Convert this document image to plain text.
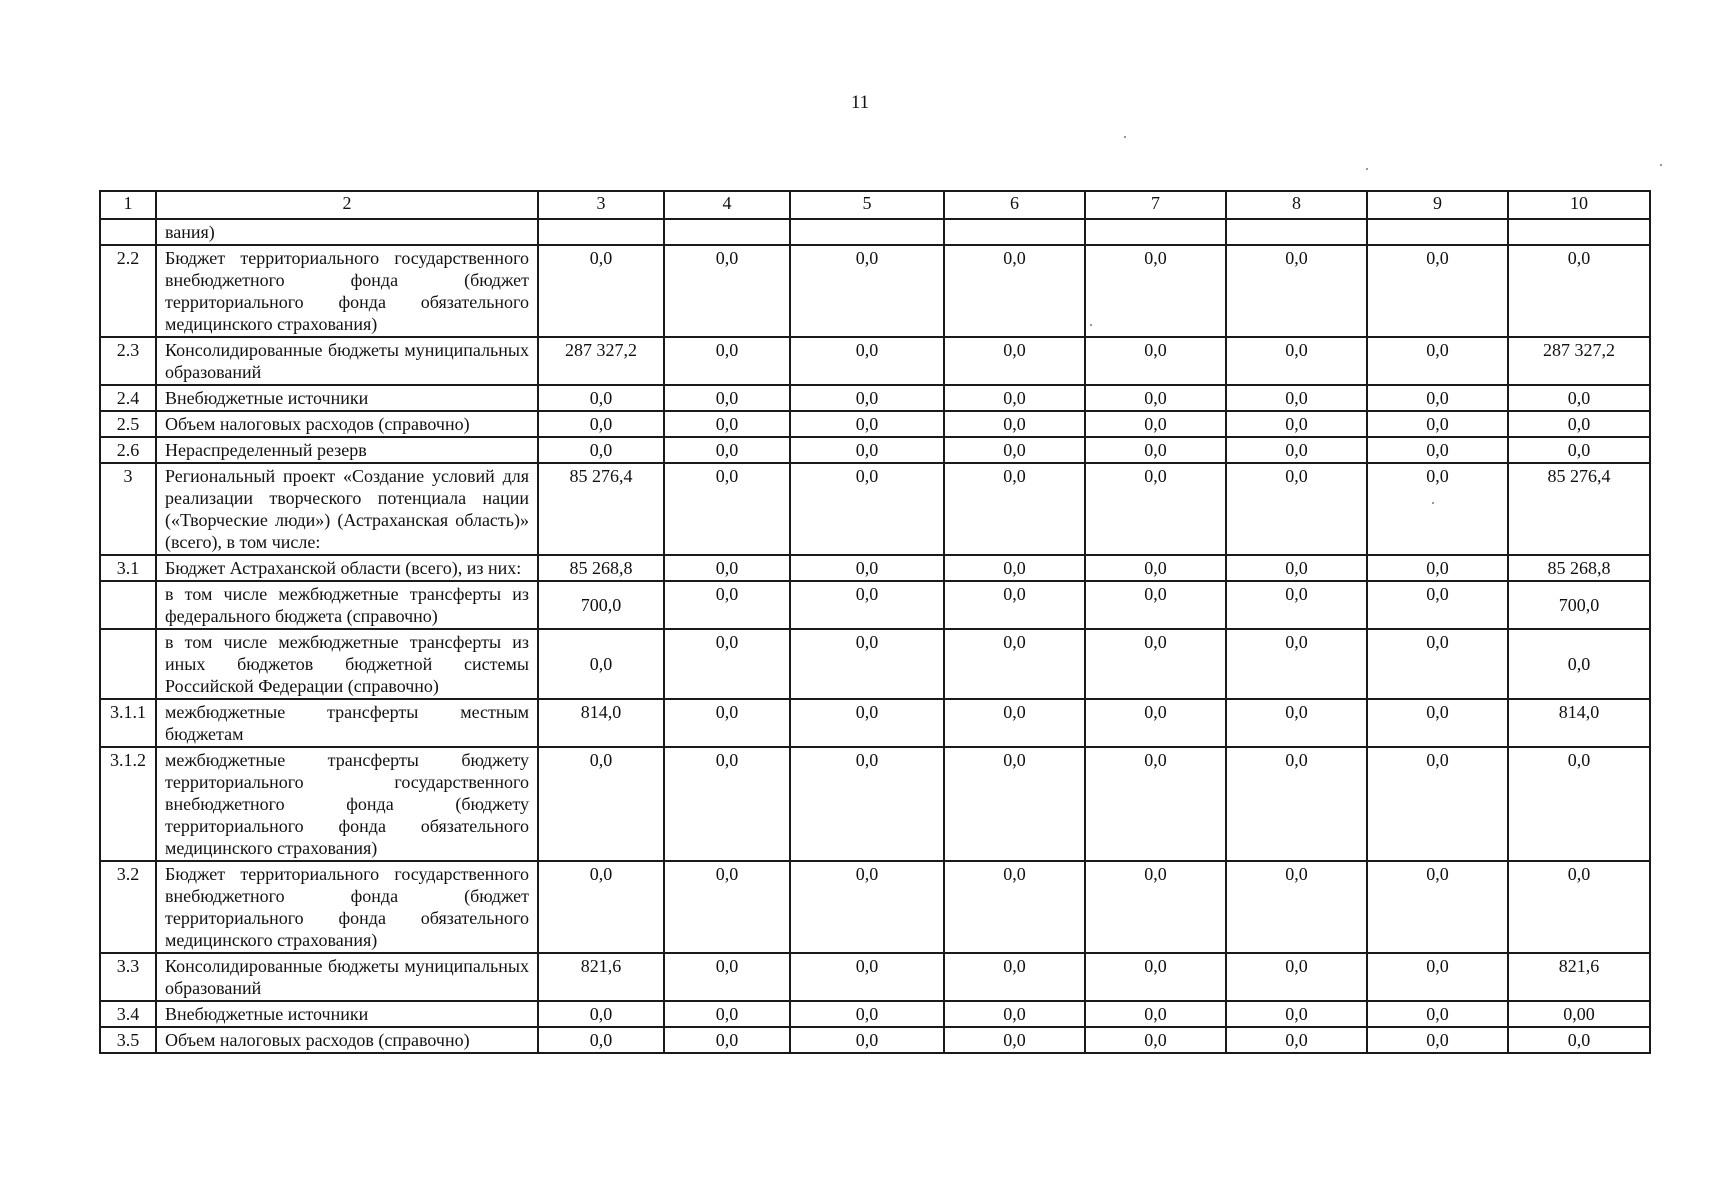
11
1	2	3	4	5	6	7	8	9	10
	вания)								
2.2	Бюджет территориального государственного внебюджетного фонда (бюджет территориального фонда обязательного медицинского страхования)	0,0	0,0	0,0	0,0	0,0	0,0	0,0	0,0
2.3	Консолидированные бюджеты муниципальных образований	287 327,2	0,0	0,0	0,0	0,0	0,0	0,0	287 327,2
2.4	Внебюджетные источники	0,0	0,0	0,0	0,0	0,0	0,0	0,0	0,0
2.5	Объем налоговых расходов (справочно)	0,0	0,0	0,0	0,0	0,0	0,0	0,0	0,0
2.6	Нераспределенный резерв	0,0	0,0	0,0	0,0	0,0	0,0	0,0	0,0
3	Региональный проект «Создание условий для реализации творческого потенциала нации («Творческие люди») (Астраханская область)» (всего), в том числе:	85 276,4	0,0	0,0	0,0	0,0	0,0	0,0	85 276,4
3.1	Бюджет Астраханской области (всего), из них:	85 268,8	0,0	0,0	0,0	0,0	0,0	0,0	85 268,8
	в том числе межбюджетные трансферты из федерального бюджета (справочно)	700,0	0,0	0,0	0,0	0,0	0,0	0,0	700,0
	в том числе межбюджетные трансферты из иных бюджетов бюджетной системы Российской Федерации (справочно)	0,0	0,0	0,0	0,0	0,0	0,0	0,0	0,0
3.1.1	межбюджетные трансферты местным бюджетам	814,0	0,0	0,0	0,0	0,0	0,0	0,0	814,0
3.1.2	межбюджетные трансферты бюджету территориального государственного внебюджетного фонда (бюджету территориального фонда обязательного медицинского страхования)	0,0	0,0	0,0	0,0	0,0	0,0	0,0	0,0
3.2	Бюджет территориального государственного внебюджетного фонда (бюджет территориального фонда обязательного медицинского страхования)	0,0	0,0	0,0	0,0	0,0	0,0	0,0	0,0
3.3	Консолидированные бюджеты муниципальных образований	821,6	0,0	0,0	0,0	0,0	0,0	0,0	821,6
3.4	Внебюджетные источники	0,0	0,0	0,0	0,0	0,0	0,0	0,0	0,00
3.5	Объем налоговых расходов (справочно)	0,0	0,0	0,0	0,0	0,0	0,0	0,0	0,0
